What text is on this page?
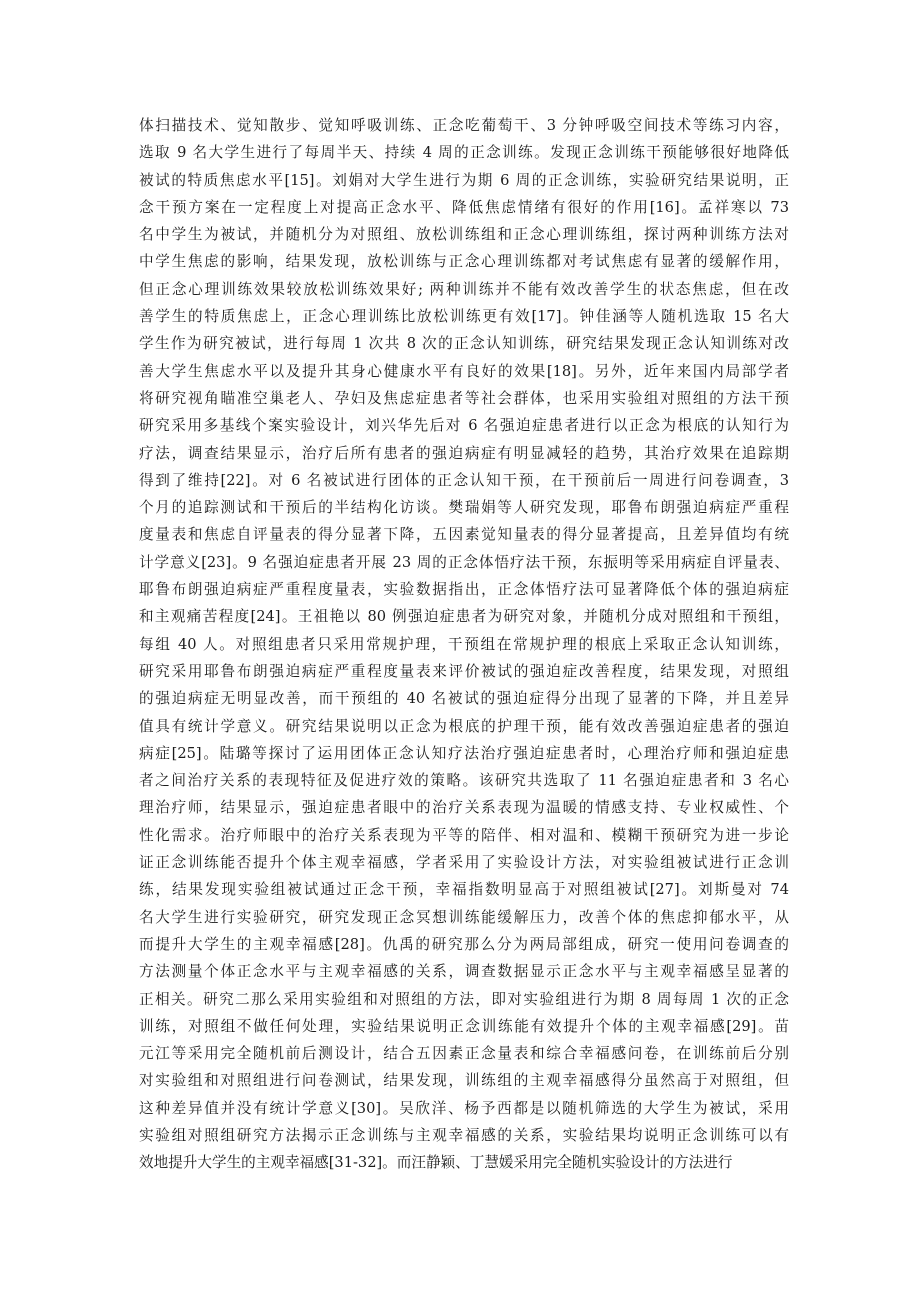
体扫描技术、觉知散步、觉知呼吸训练、正念吃葡萄干、3 分钟呼吸空间技术等练习内容，
选取 9 名大学生进行了每周半天、持续 4 周的正念训练。发现正念训练干预能够很好地降低
被试的特质焦虑水平[15]。刘娟对大学生进行为期 6 周的正念训练，实验研究结果说明，正
念干预方案在一定程度上对提高正念水平、降低焦虑情绪有很好的作用[16]。孟祥寒以 73
名中学生为被试，并随机分为对照组、放松训练组和正念心理训练组，探讨两种训练方法对
中学生焦虑的影响，结果发现，放松训练与正念心理训练都对考试焦虑有显著的缓解作用，
但正念心理训练效果较放松训练效果好; 两种训练并不能有效改善学生的状态焦虑，但在改
善学生的特质焦虑上，正念心理训练比放松训练更有效[17]。钟佳涵等人随机选取 15 名大
学生作为研究被试，进行每周 1 次共 8 次的正念认知训练，研究结果发现正念认知训练对改
善大学生焦虑水平以及提升其身心健康水平有良好的效果[18]。另外，近年来国内局部学者
将研究视角瞄准空巢老人、孕妇及焦虑症患者等社会群体，也采用实验组对照组的方法干预
研究采用多基线个案实验设计，刘兴华先后对 6 名强迫症患者进行以正念为根底的认知行为
疗法，调查结果显示，治疗后所有患者的强迫病症有明显减轻的趋势，其治疗效果在追踪期
得到了维持[22]。对 6 名被试进行团体的正念认知干预，在干预前后一周进行问卷调查，3
个月的追踪测试和干预后的半结构化访谈。樊瑞娟等人研究发现，耶鲁布朗强迫病症严重程
度量表和焦虑自评量表的得分显著下降，五因素觉知量表的得分显著提高，且差异值均有统
计学意义[23]。9 名强迫症患者开展 23 周的正念体悟疗法干预，东振明等采用病症自评量表、
耶鲁布朗强迫病症严重程度量表，实验数据指出，正念体悟疗法可显著降低个体的强迫病症
和主观痛苦程度[24]。王祖艳以 80 例强迫症患者为研究对象，并随机分成对照组和干预组，
每组 40 人。对照组患者只采用常规护理，干预组在常规护理的根底上采取正念认知训练，
研究采用耶鲁布朗强迫病症严重程度量表来评价被试的强迫症改善程度，结果发现，对照组
的强迫病症无明显改善，而干预组的 40 名被试的强迫症得分出现了显著的下降，并且差异
值具有统计学意义。研究结果说明以正念为根底的护理干预，能有效改善强迫症患者的强迫
病症[25]。陆璐等探讨了运用团体正念认知疗法治疗强迫症患者时，心理治疗师和强迫症患
者之间治疗关系的表现特征及促进疗效的策略。该研究共选取了 11 名强迫症患者和 3 名心
理治疗师，结果显示，强迫症患者眼中的治疗关系表现为温暖的情感支持、专业权威性、个
性化需求。治疗师眼中的治疗关系表现为平等的陪伴、相对温和、模糊干预研究为进一步论
证正念训练能否提升个体主观幸福感，学者采用了实验设计方法，对实验组被试进行正念训
练，结果发现实验组被试通过正念干预，幸福指数明显高于对照组被试[27]。刘斯曼对 74
名大学生进行实验研究，研究发现正念冥想训练能缓解压力，改善个体的焦虑抑郁水平，从
而提升大学生的主观幸福感[28]。仇禹的研究那么分为两局部组成，研究一使用问卷调查的
方法测量个体正念水平与主观幸福感的关系，调查数据显示正念水平与主观幸福感呈显著的
正相关。研究二那么采用实验组和对照组的方法，即对实验组进行为期 8 周每周 1 次的正念
训练，对照组不做任何处理，实验结果说明正念训练能有效提升个体的主观幸福感[29]。苗
元江等采用完全随机前后测设计，结合五因素正念量表和综合幸福感问卷，在训练前后分别
对实验组和对照组进行问卷测试，结果发现，训练组的主观幸福感得分虽然高于对照组，但
这种差异值并没有统计学意义[30]。吴欣洋、杨予西都是以随机筛选的大学生为被试，采用
实验组对照组研究方法揭示正念训练与主观幸福感的关系，实验结果均说明正念训练可以有
效地提升大学生的主观幸福感[31-32]。而汪静颖、丁慧媛采用完全随机实验设计的方法进行
